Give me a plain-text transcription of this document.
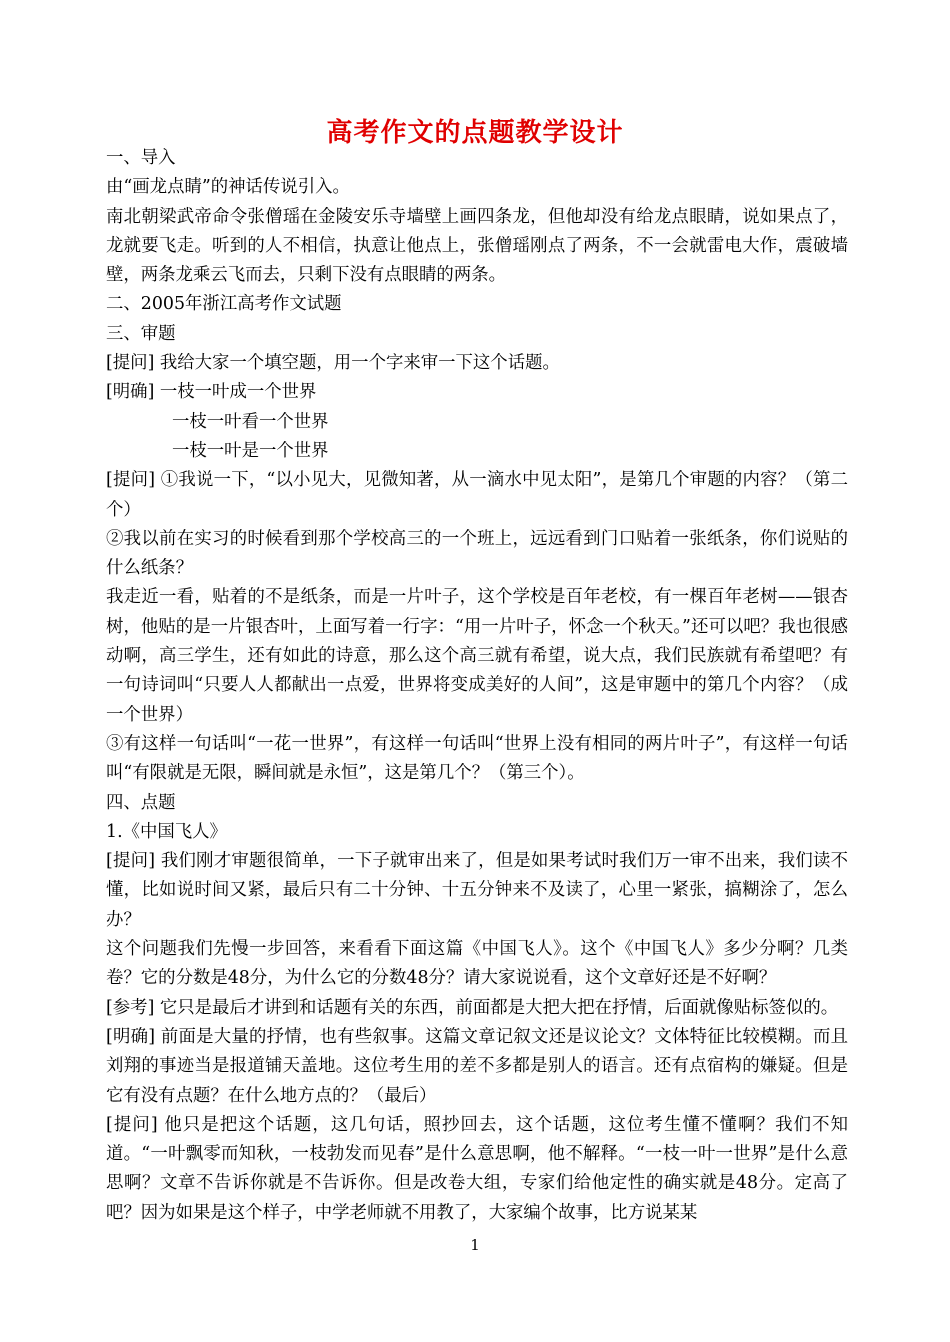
高考作文的点题教学设计

一、导入

由“画龙点睛”的神话传说引入。

南北朝梁武帝命令张僧瑶在金陵安乐寺墙壁上画四条龙，但他却没有给龙点眼睛，说如果点了，龙就要飞走。听到的人不相信，执意让他点上，张僧瑶刚点了两条，不一会就雷电大作，震破墙壁，两条龙乘云飞而去，只剩下没有点眼睛的两条。

二、2005年浙江高考作文试题

三、审题

[提问] 我给大家一个填空题，用一个字来审一下这个话题。

[明确] 一枝一叶成一个世界

一枝一叶看一个世界

一枝一叶是一个世界

[提问] ①我说一下，“以小见大，见微知著，从一滴水中见太阳”，是第几个审题的内容？（第二个）

②我以前在实习的时候看到那个学校高三的一个班上，远远看到门口贴着一张纸条，你们说贴的什么纸条？

我走近一看，贴着的不是纸条，而是一片叶子，这个学校是百年老校，有一棵百年老树——银杏树，他贴的是一片银杏叶，上面写着一行字：“用一片叶子，怀念一个秋天。”还可以吧？我也很感动啊，高三学生，还有如此的诗意，那么这个高三就有希望，说大点，我们民族就有希望吧？有一句诗词叫“只要人人都献出一点爱，世界将变成美好的人间”，这是审题中的第几个内容？（成一个世界）

③有这样一句话叫“一花一世界”，有这样一句话叫“世界上没有相同的两片叶子”，有这样一句话叫“有限就是无限，瞬间就是永恒”，这是第几个？（第三个）。

四、点题

1.《中国飞人》

[提问] 我们刚才审题很简单，一下子就审出来了，但是如果考试时我们万一审不出来，我们读不懂，比如说时间又紧，最后只有二十分钟、十五分钟来不及读了，心里一紧张，搞糊涂了，怎么办？

这个问题我们先慢一步回答，来看看下面这篇《中国飞人》。这个《中国飞人》多少分啊？几类卷？它的分数是48分，为什么它的分数48分？请大家说说看，这个文章好还是不好啊？

[参考] 它只是最后才讲到和话题有关的东西，前面都是大把大把在抒情，后面就像贴标签似的。

[明确] 前面是大量的抒情，也有些叙事。这篇文章记叙文还是议论文？文体特征比较模糊。而且刘翔的事迹当是报道铺天盖地。这位考生用的差不多都是别人的语言。还有点宿构的嫌疑。但是它有没有点题？在什么地方点的？（最后）

[提问] 他只是把这个话题，这几句话，照抄回去，这个话题，这位考生懂不懂啊？我们不知道。“一叶飘零而知秋，一枝勃发而见春”是什么意思啊，他不解释。“一枝一叶一世界”是什么意思啊？文章不告诉你就是不告诉你。但是改卷大组，专家们给他定性的确实就是48分。定高了吧？因为如果是这个样子，中学老师就不用教了，大家编个故事，比方说某某

1
